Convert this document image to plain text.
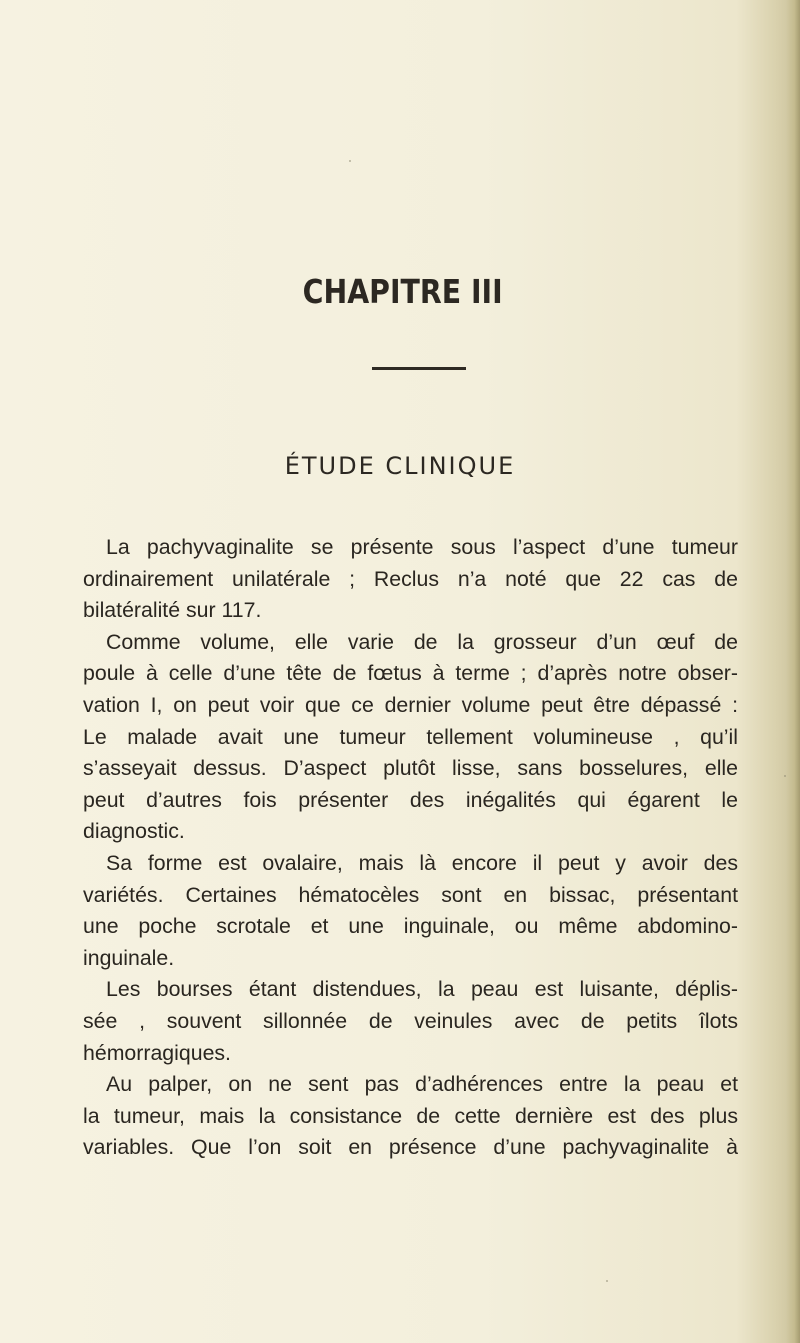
CHAPITRE III
ÉTUDE CLINIQUE
La pachyvaginalite se présente sous l’aspect d’une tumeur
ordinairement unilatérale ; Reclus n’a noté que 22 cas de
bilatéralité sur 117.
Comme volume, elle varie de la grosseur d’un œuf de
poule à celle d’une tête de fœtus à terme ; d’après notre obser-
vation I, on peut voir que ce dernier volume peut être dépassé :
Le malade avait une tumeur tellement volumineuse , qu’il
s’asseyait dessus. D’aspect plutôt lisse, sans bosselures, elle
peut d’autres fois présenter des inégalités qui égarent le
diagnostic.
Sa forme est ovalaire, mais là encore il peut y avoir des
variétés. Certaines hématocèles sont en bissac, présentant
une poche scrotale et une inguinale, ou même abdomino-
inguinale.
Les bourses étant distendues, la peau est luisante, déplis-
sée , souvent sillonnée de veinules avec de petits îlots
hémorragiques.
Au palper, on ne sent pas d’adhérences entre la peau et
la tumeur, mais la consistance de cette dernière est des plus
variables. Que l’on soit en présence d’une pachyvaginalite à
